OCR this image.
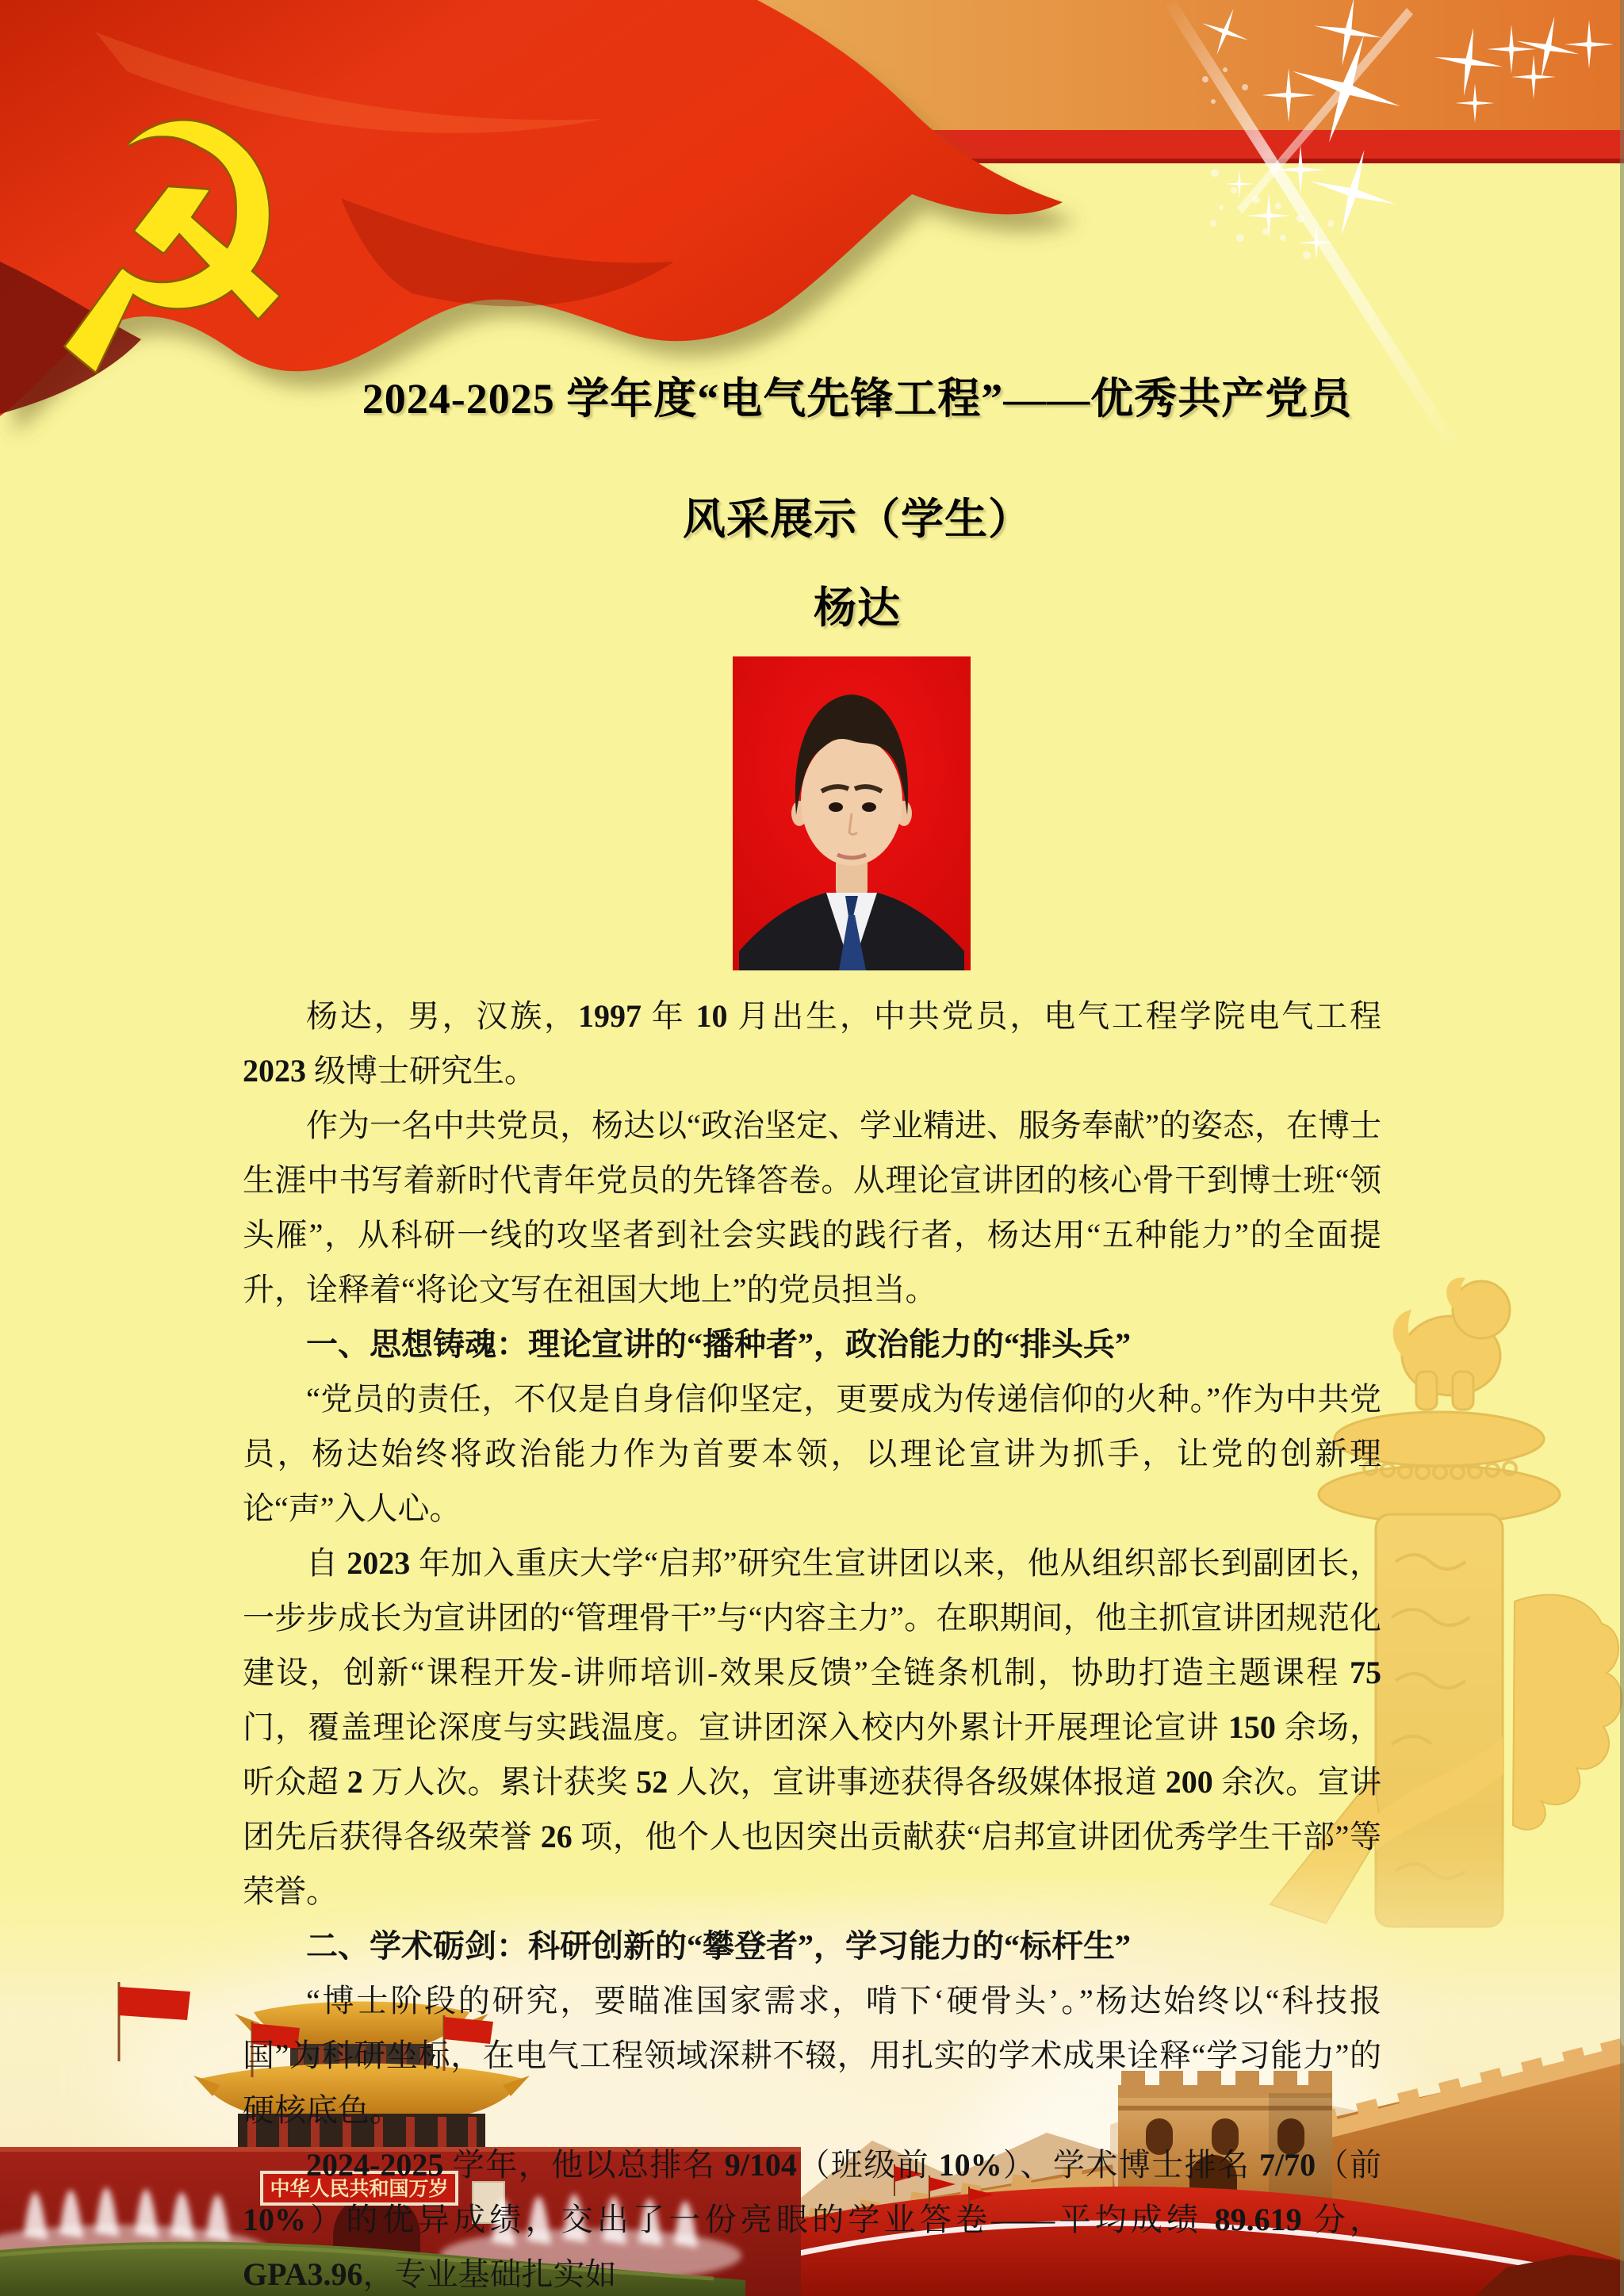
☭	2024-2025 学年度“电气先锋工程”——优秀共产党员
风采展示（学生）
杨达
中华人民共和国万岁
杨达，男，汉族，1997 年 10 月出生，中共党员，电气工程学院电气工程 2023 级博士研究生。
作为一名中共党员，杨达以“政治坚定、学业精进、服务奉献”的姿态，在博士生涯中书写着新时代青年党员的先锋答卷。从理论宣讲团的核心骨干到博士班“领头雁”，从科研一线的攻坚者到社会实践的践行者，杨达用“五种能力”的全面提升，诠释着“将论文写在祖国大地上”的党员担当。
一、思想铸魂：理论宣讲的“播种者”，政治能力的“排头兵”
“党员的责任，不仅是自身信仰坚定，更要成为传递信仰的火种。”作为中共党员，杨达始终将政治能力作为首要本领，以理论宣讲为抓手，让党的创新理论“声”入人心。
自 2023 年加入重庆大学“启邦”研究生宣讲团以来，他从组织部长到副团长，一步步成长为宣讲团的“管理骨干”与“内容主力”。在职期间，他主抓宣讲团规范化建设，创新“课程开发-讲师培训-效果反馈”全链条机制，协助打造主题课程 75 门，覆盖理论深度与实践温度。宣讲团深入校内外累计开展理论宣讲 150 余场，听众超 2 万人次。累计获奖 52 人次，宣讲事迹获得各级媒体报道 200 余次。宣讲团先后获得各级荣誉 26 项，他个人也因突出贡献获“启邦宣讲团优秀学生干部”等荣誉。
二、学术砺剑：科研创新的“攀登者”，学习能力的“标杆生”
“博士阶段的研究，要瞄准国家需求，啃下‘硬骨头’。”杨达始终以“科技报国”为科研坐标，在电气工程领域深耕不辍，用扎实的学术成果诠释“学习能力”的硬核底色。
2024-2025 学年，他以总排名 9/104（班级前 10%）、学术博士排名 7/70（前 10%）的优异成绩，交出了一份亮眼的学业答卷——平均成绩 89.619 分，GPA3.96，专业基础扎实如
